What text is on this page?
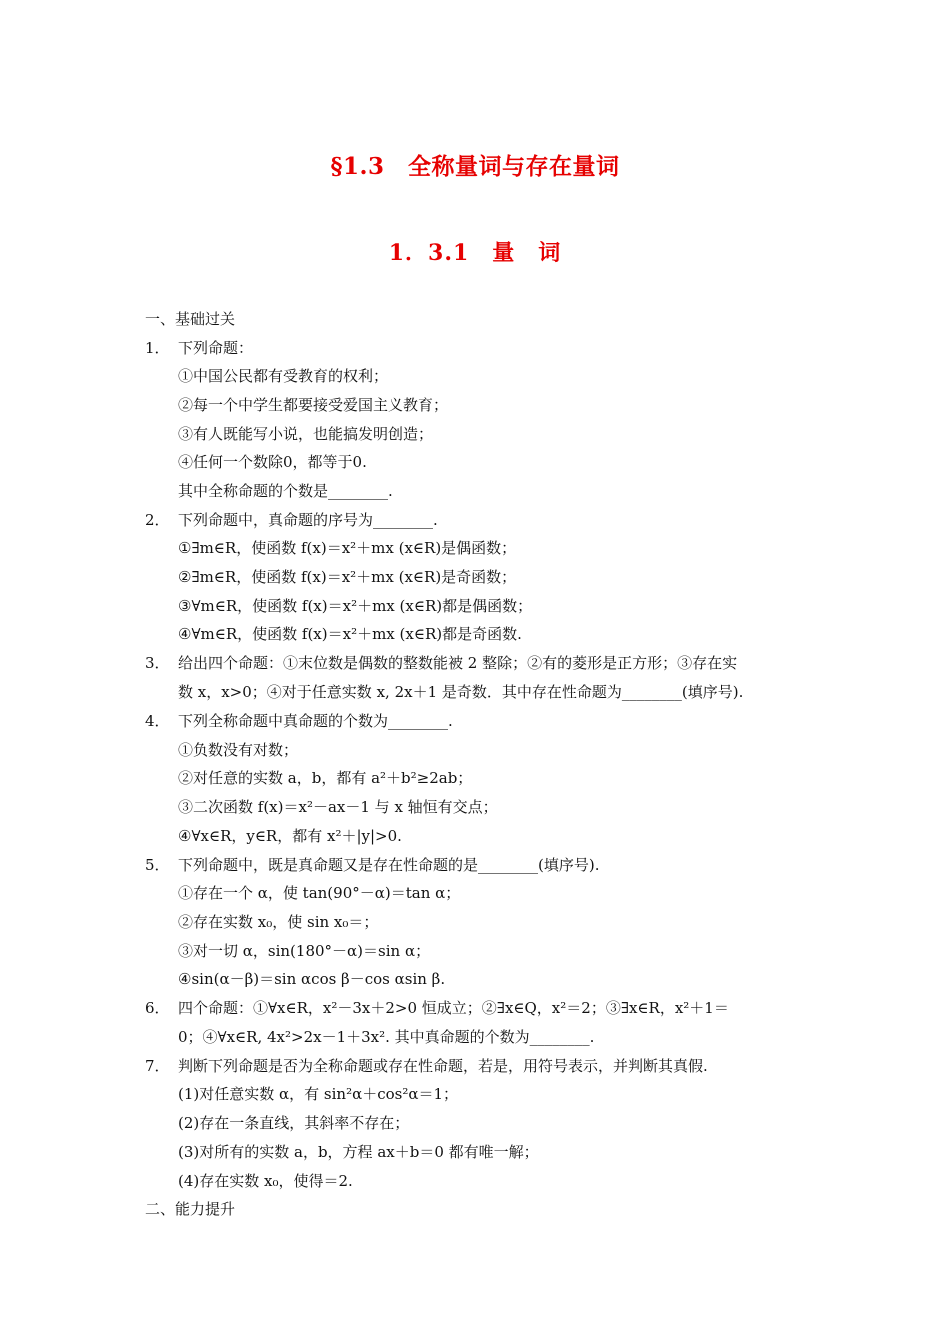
§1.3　全称量词与存在量词
1．3.1　量　词
一、基础过关
1． 下列命题：
①中国公民都有受教育的权利；
②每一个中学生都要接受爱国主义教育；
③有人既能写小说，也能搞发明创造；
④任何一个数除0，都等于0.
其中全称命题的个数是________.
2． 下列命题中，真命题的序号为________.
①∃m∈R，使函数 f(x)＝x²＋mx (x∈R)是偶函数；
②∃m∈R，使函数 f(x)＝x²＋mx (x∈R)是奇函数；
③∀m∈R，使函数 f(x)＝x²＋mx (x∈R)都是偶函数；
④∀m∈R，使函数 f(x)＝x²＋mx (x∈R)都是奇函数.
3． 给出四个命题：①末位数是偶数的整数能被 2 整除；②有的菱形是正方形；③存在实
数 x，x>0；④对于任意实数 x, 2x＋1 是奇数．其中存在性命题为________(填序号).
4． 下列全称命题中真命题的个数为________.
①负数没有对数；
②对任意的实数 a，b，都有 a²＋b²≥2ab；
③二次函数 f(x)＝x²－ax－1 与 x 轴恒有交点；
④∀x∈R，y∈R，都有 x²＋|y|>0.
5． 下列命题中，既是真命题又是存在性命题的是________(填序号).
①存在一个 α，使 tan(90°－α)＝tan α；
②存在实数 x₀，使 sin x₀＝；
③对一切 α，sin(180°－α)＝sin α；
④sin(α－β)＝sin αcos β－cos αsin β.
6． 四个命题：①∀x∈R，x²－3x＋2>0 恒成立；②∃x∈Q，x²＝2；③∃x∈R，x²＋1＝
0；④∀x∈R, 4x²>2x－1＋3x². 其中真命题的个数为________.
7． 判断下列命题是否为全称命题或存在性命题，若是，用符号表示，并判断其真假.
(1)对任意实数 α，有 sin²α＋cos²α＝1；
(2)存在一条直线，其斜率不存在；
(3)对所有的实数 a，b，方程 ax＋b＝0 都有唯一解；
(4)存在实数 x₀，使得＝2.
二、能力提升
